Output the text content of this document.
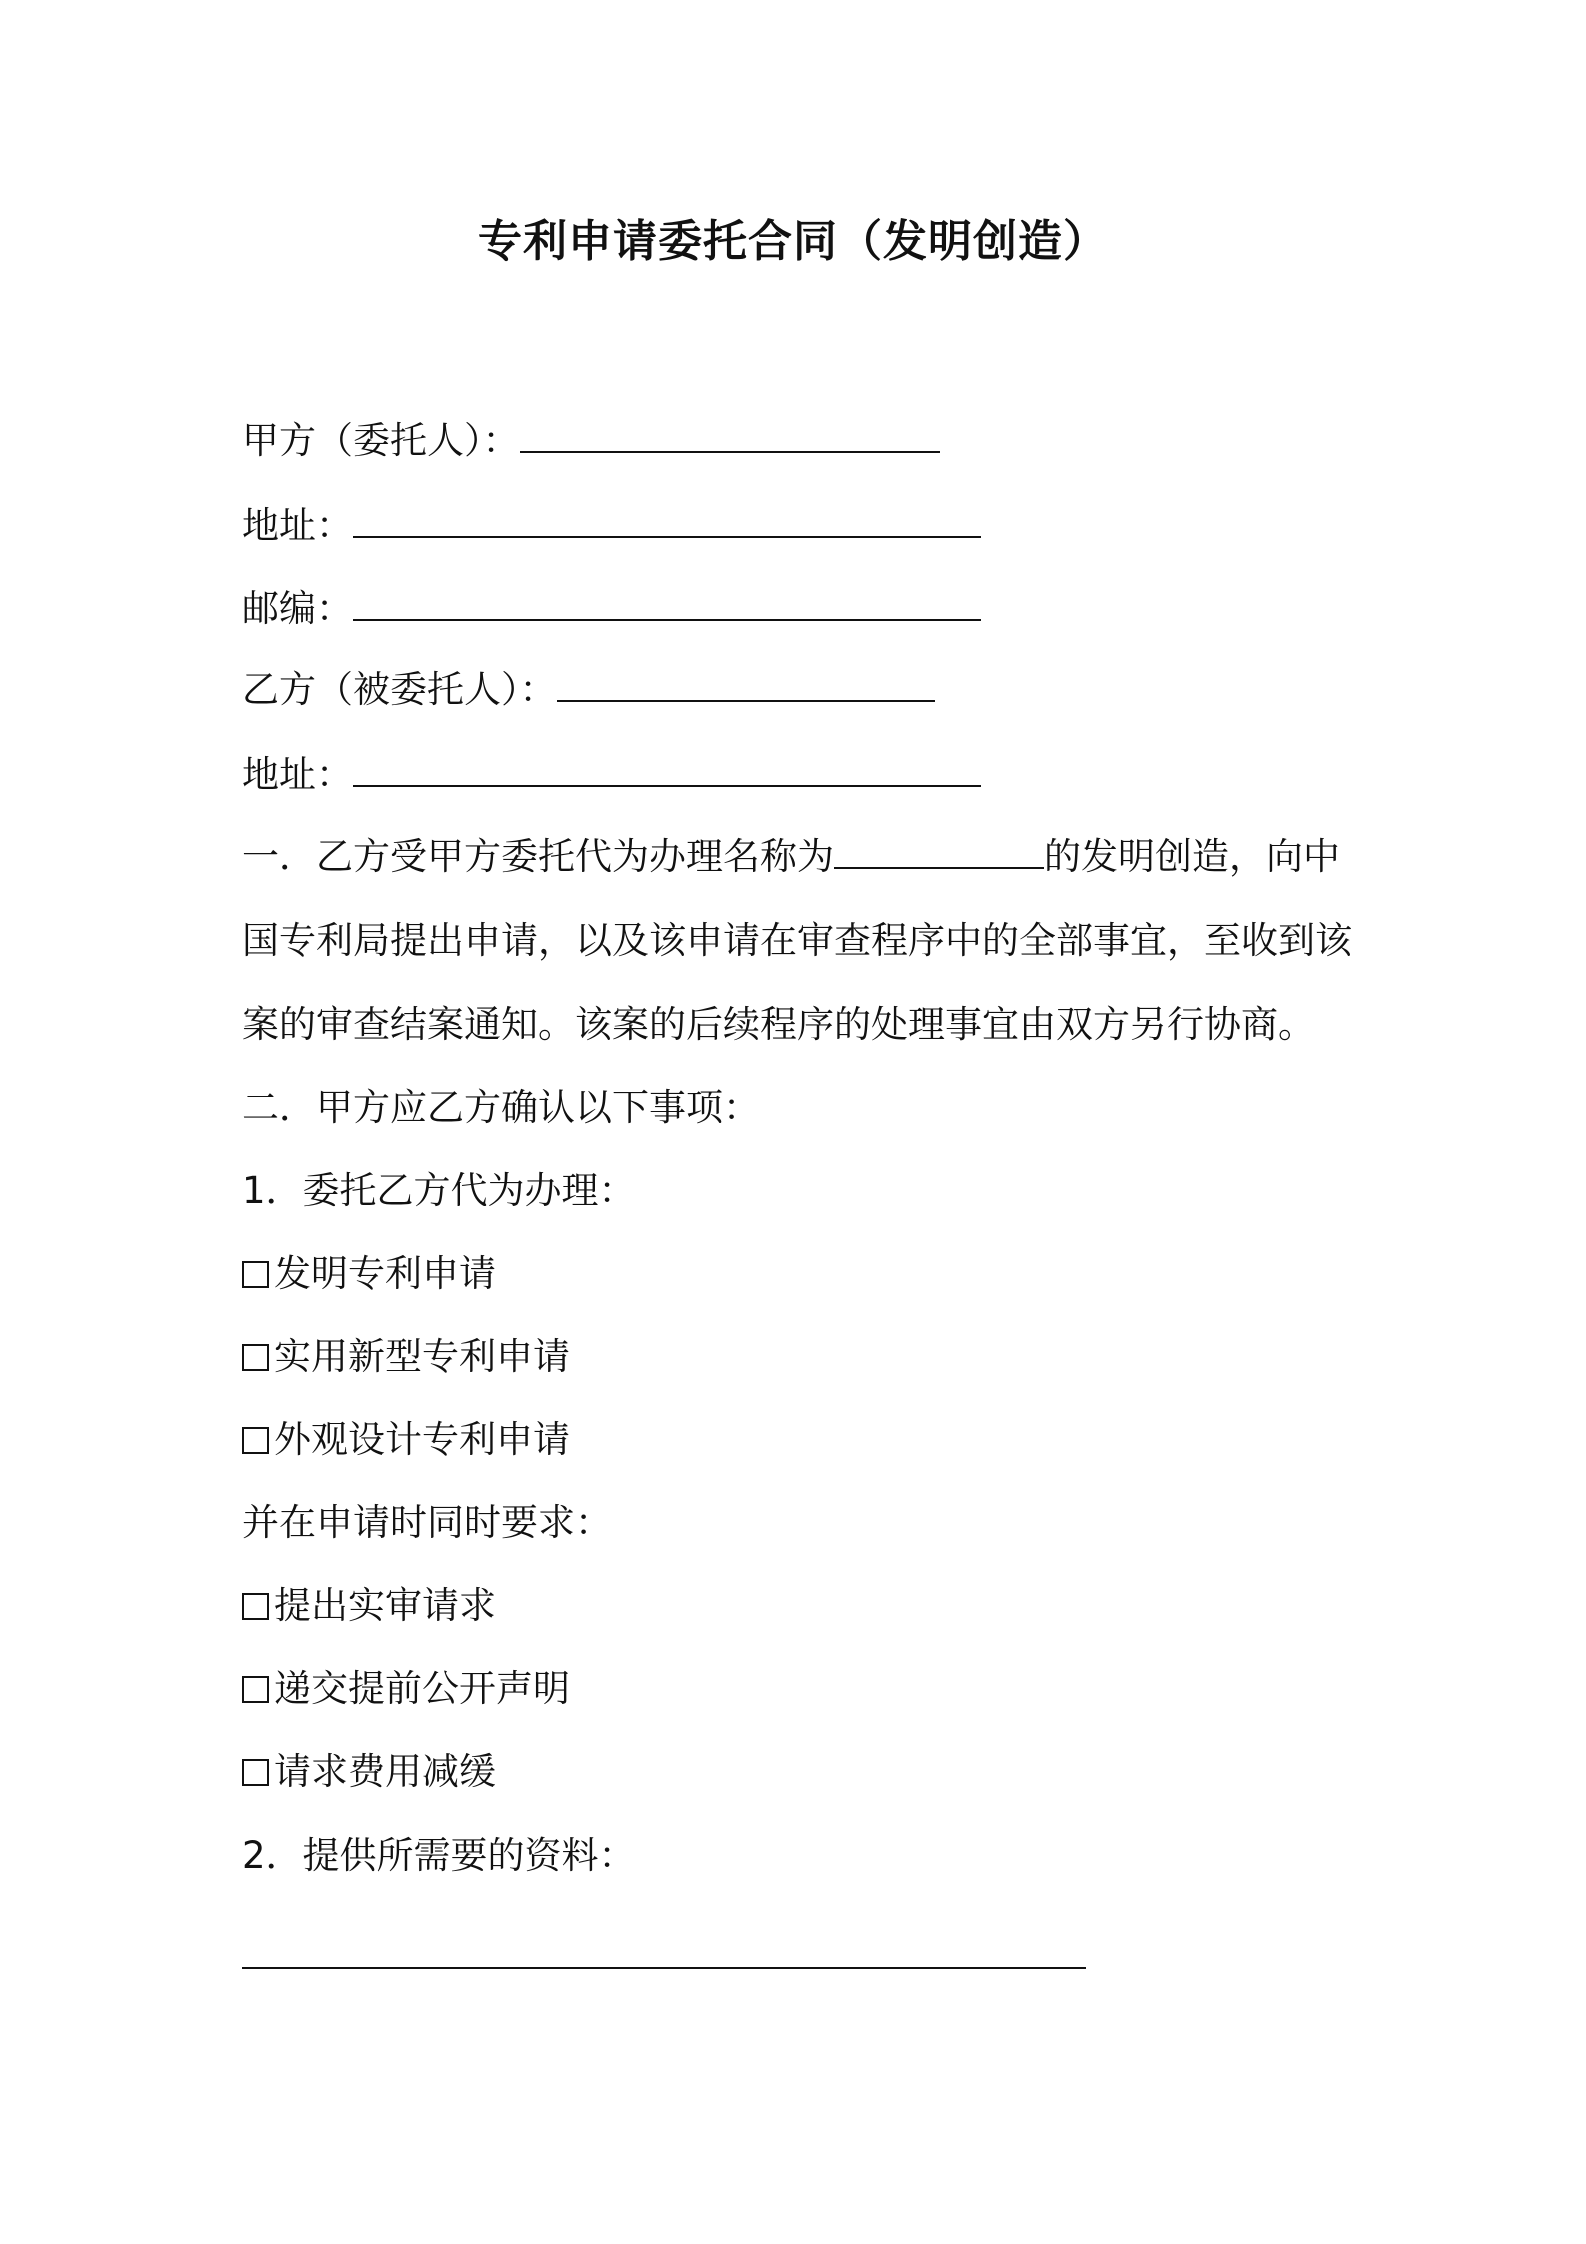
专利申请委托合同（发明创造）
甲方（委托人）：
地址：
邮编：
乙方（被委托人）：
地址：
一．乙方受甲方委托代为办理名称为	的发明创造，向中
国专利局提出申请，以及该申请在审查程序中的全部事宜，至收到该
案的审查结案通知。该案的后续程序的处理事宜由双方另行协商。
二．甲方应乙方确认以下事项：
1．委托乙方代为办理：
发明专利申请
实用新型专利申请
外观设计专利申请
并在申请时同时要求：
提出实审请求
递交提前公开声明
请求费用减缓
2．提供所需要的资料：
